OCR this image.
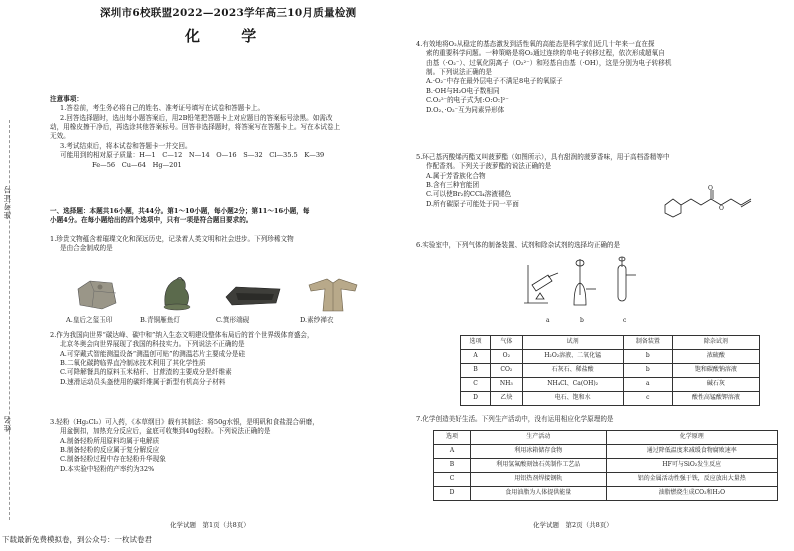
准考证号
姓名
深圳市6校联盟2022—2023学年高三10月质量检测
化 学
注意事项：
1.答卷前，考生务必将自己的姓名、准考证号填写在试卷和答题卡上。
2.回答选择题时，选出每小题答案后，用2B铅笔把答题卡上对应题目的答案标号涂黑。如需改
动，用橡皮擦干净后，再选涂其他答案标号。回答非选择题时，将答案写在答题卡上。写在本试卷上
无效。
3.考试结束后，将本试卷和答题卡一并交回。
可能用到的相对原子质量：H—1　C—12　N—14　O—16　S—32　Cl—35.5　K—39
Fe—56　Cu—64　Hg—201
一、选择题：本题共16小题，共44分。第1～10小题，每小题2分；第11～16小题，每
小题4分。在每小题给出的四个选项中，只有一项是符合题目要求的。
1.珍贵文物蕴含着璀璨文化和深远历史，记录着人类文明和社会进步。下列珍稀文物
是由合金制成的是
A.皇后之玺玉印	B.青铜雁鱼灯	C.箕形端砚	D.素纱禅衣
2.作为我国向世界“碳达峰、碳中和”纳入生态文明建设整体布局后的首个世界级体育盛会，
北京冬奥会向世界展现了我国的科技实力。下列说法不正确的是
A.可穿戴式智能测温设备“测温创可贴”的测温芯片主要成分是硅
B.二氧化碳跨临界直冷制冰技术利用了其化学性质
C.可降解餐具的原料玉米秸秆、甘蔗渣的主要成分是纤维素
D.速滑运动员头盔使用的碳纤维属于新型有机高分子材料
3.轻粉（Hg₂Cl₂）可入药，《本草纲目》载有其制法：将50g水银，是明矾和食盐混合研磨，
用盆倒扣，加热充分反应后，盆底可收集到40g轻粉。下列说法正确的是
A.制备轻粉所用原料均属于电解质
B.制备轻粉的反应属于复分解反应
C.制备轻粉过程中存在轻粉升华现象
D.本实验中轻粉的产率约为32%
化学试题　第1页（共8页）
下载最新免费模拟卷，到公众号：一枚试卷君
4.有效地将O₂从稳定的基态激发到活性氧的高能态是科学家们近几十年来一直在探
索的重要科学问题。一种策略是将O₂通过连续的单电子转移过程，依次形成超氧自
由基（·O₂⁻）、过氧化阴离子（O₂²⁻）和羟基自由基（·OH），这是分别为电子转移机
制。下列说法正确的是
A.·O₂⁻中存在最外层电子不满足8电子的氧原子
B.·OH与H₂O电子数相同
C.O₂²⁻的电子式为[:O:O:]²⁻
D.O₂、·O₂⁻互为同素异形体
5.环己基丙酸烯丙酯又叫菠萝酯（如图所示），具有甜润的菠萝香味，用于高档香精等中
作配香剂。下列关于菠萝酯的说法正确的是
A.属于芳香族化合物
B.含有三种官能团
C.可以使Br₂的CCl₄溶液褪色
D.所有碳原子可能处于同一平面
O
O
6.实验室中，下列气体的制备装置、试剂和除杂试剂的选择均正确的是
a	b	c
选项	气体	试剂	制备装置	除杂试剂
A	O₂	H₂O₂溶液、二氧化锰	b	浓硫酸
B	CO₂	石灰石、稀盐酸	b	饱和碳酸钠溶液
C	NH₃	NH₄Cl、Ca(OH)₂	a	碱石灰
D	乙炔	电石、饱和水	c	酸性高锰酸钾溶液
7.化学创造美好生活。下列生产活动中，没有运用相应化学原理的是
选项	生产活动	化学原理
A	利用冰箱储存食物	通过降低温度来减缓食物腐败速率
B	利用氢氟酸刻蚀石英制作工艺品	HF可与SiO₂发生反应
C	用铝热剂焊接钢轨	铝的金属活动性强于铁，反应放出大量热
D	食用油脂为人体提供能量	油脂燃烧生成CO₂和H₂O
化学试题　第2页（共8页）
